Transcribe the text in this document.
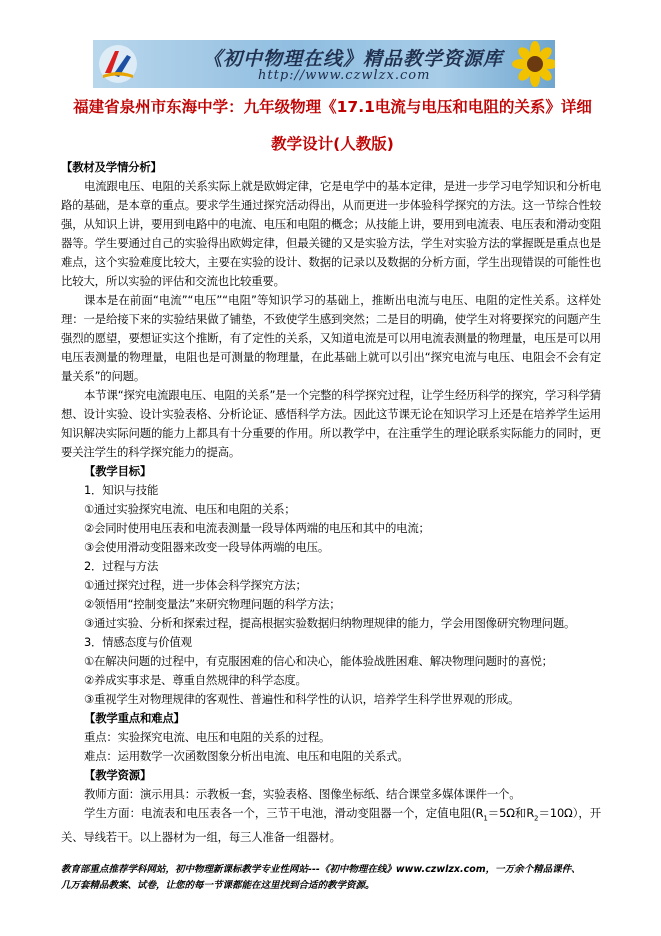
《初中物理在线》精品教学资源库
http://www.czwlzx.com
福建省泉州市东海中学：九年级物理《17.1电流与电压和电阻的关系》详细
教学设计(人教版)
【教材及学情分析】

电流跟电压、电阻的关系实际上就是欧姆定律，它是电学中的基本定律，是进一步学习电学知识和分析电路的基础，是本章的重点。要求学生通过探究活动得出，从而更进一步体验科学探究的方法。这一节综合性较强，从知识上讲，要用到电路中的电流、电压和电阻的概念；从技能上讲，要用到电流表、电压表和滑动变阻器等。学生要通过自己的实验得出欧姆定律，但最关键的又是实验方法，学生对实验方法的掌握既是重点也是难点，这个实验难度比较大，主要在实验的设计、数据的记录以及数据的分析方面，学生出现错误的可能性也比较大，所以实验的评估和交流也比较重要。

课本是在前面“电流”“电压”“电阻”等知识学习的基础上，推断出电流与电压、电阻的定性关系。这样处理：一是给接下来的实验结果做了铺垫，不致使学生感到突然；二是目的明确，使学生对将要探究的问题产生强烈的愿望，要想证实这个推断，有了定性的关系，又知道电流是可以用电流表测量的物理量，电压是可以用电压表测量的物理量，电阻也是可测量的物理量，在此基础上就可以引出“探究电流与电压、电阻会不会有定量关系”的问题。

本节课“探究电流跟电压、电阻的关系”是一个完整的科学探究过程，让学生经历科学的探究，学习科学猜想、设计实验、设计实验表格、分析论证、感悟科学方法。因此这节课无论在知识学习上还是在培养学生运用知识解决实际问题的能力上都具有十分重要的作用。所以教学中，在注重学生的理论联系实际能力的同时，更要关注学生的科学探究能力的提高。

【教学目标】

1．知识与技能

①通过实验探究电流、电压和电阻的关系；

②会同时使用电压表和电流表测量一段导体两端的电压和其中的电流；

③会使用滑动变阻器来改变一段导体两端的电压。

2．过程与方法

①通过探究过程，进一步体会科学探究方法；

②领悟用“控制变量法”来研究物理问题的科学方法；

③通过实验、分析和探索过程，提高根据实验数据归纳物理规律的能力，学会用图像研究物理问题。

3．情感态度与价值观

①在解决问题的过程中，有克服困难的信心和决心，能体验战胜困难、解决物理问题时的喜悦；

②养成实事求是、尊重自然规律的科学态度。

③重视学生对物理规律的客观性、普遍性和科学性的认识，培养学生科学世界观的形成。

【教学重点和难点】

重点：实验探究电流、电压和电阻的关系的过程。

难点：运用数学一次函数图象分析出电流、电压和电阻的关系式。

【教学资源】

教师方面：演示用具：示教板一套，实验表格、图像坐标纸、结合课堂多媒体课件一个。

学生方面：电流表和电压表各一个，三节干电池，滑动变阻器一个，定值电阻($R_1=5\Omega$和$R_2=10\Omega$），开关、导线若干。以上器材为一组，每三人准备一组器材。

教育部重点推荐学科网站，初中物理新课标教学专业性网站---《初中物理在线》www.czwlzx.com，一万余个精品课件、
几万套精品教案、试卷，让您的每一节课都能在这里找到合适的教学资源。
